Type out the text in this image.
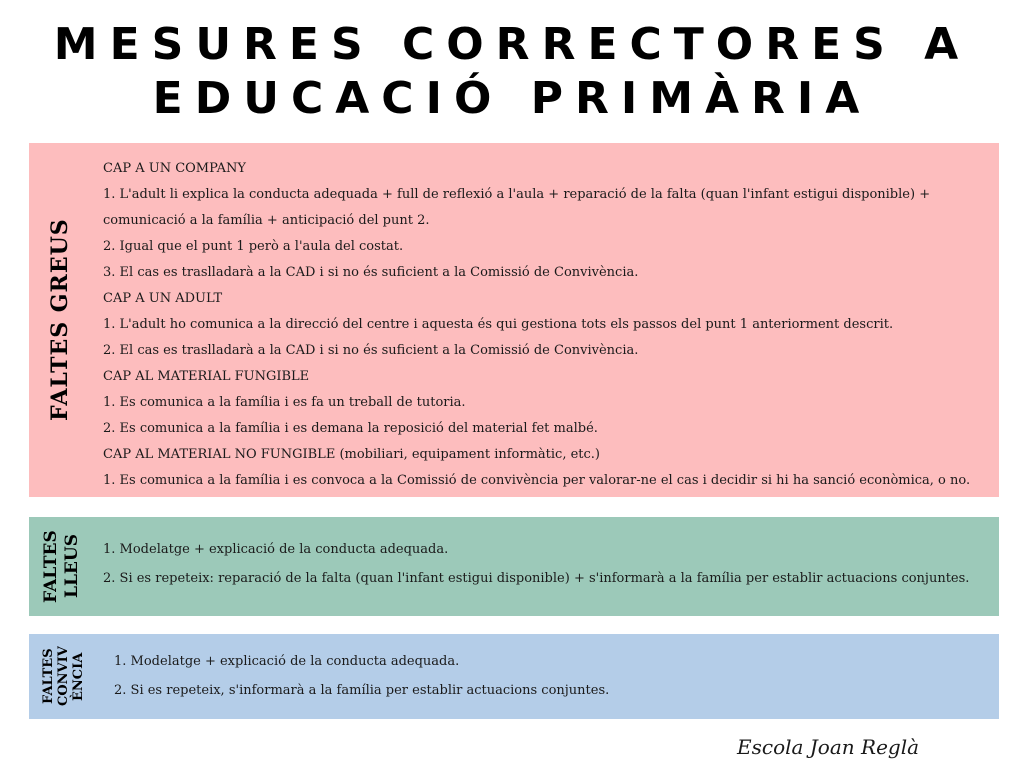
MESURES CORRECTORES A
EDUCACIÓ PRIMÀRIA
FALTES GREUS
CAP A UN COMPANY
1. L'adult li explica la conducta adequada + full de reflexió a l'aula + reparació de la falta (quan l'infant estigui disponible) +
comunicació a la família + anticipació del punt 2.
2. Igual que el punt 1 però a l'aula del costat.
3. El cas es traslladarà a la CAD i si no és suficient a la Comissió de Convivència.
CAP A UN ADULT
1. L'adult ho comunica a la direcció del centre i aquesta és qui gestiona tots els passos del punt 1 anteriorment descrit.
2. El cas es traslladarà a la CAD i si no és suficient a la Comissió de Convivència.
CAP AL MATERIAL FUNGIBLE
1. Es comunica a la família i es fa un treball de tutoria.
2. Es comunica a la família i es demana la reposició del material fet malbé.
CAP AL MATERIAL NO FUNGIBLE (mobiliari, equipament informàtic, etc.)
1. Es comunica a la família i es convoca a la Comissió de convivència per valorar-ne el cas i decidir si hi ha sanció econòmica, o no.
FALTES
LLEUS 1. Modelatge + explicació de la conducta adequada.
2. Si es repeteix: reparació de la falta (quan l'infant estigui disponible) + s'informarà a la família per establir actuacions conjuntes.
FALTES
CONVIV
ÈNCIA	1. Modelatge + explicació de la conducta adequada.
2. Si es repeteix, s'informarà a la família per establir actuacions conjuntes.
Escola Joan Reglà
